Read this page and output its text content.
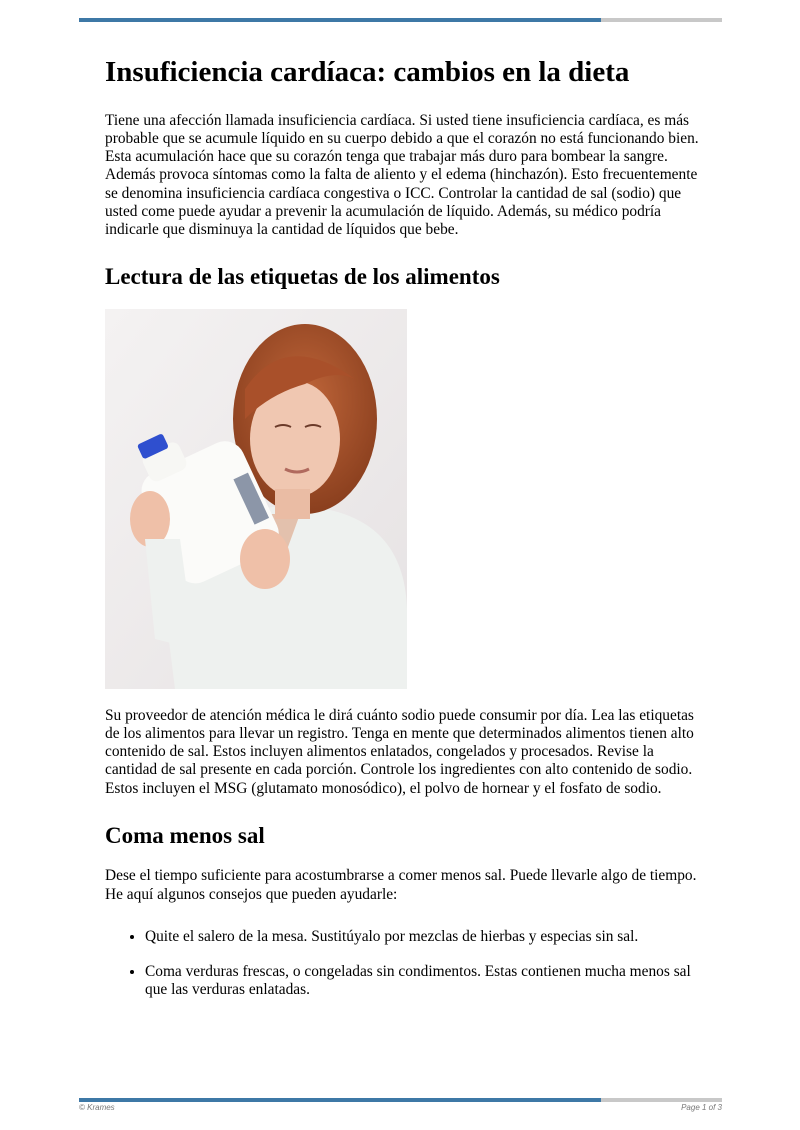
Insuficiencia cardíaca: cambios en la dieta

Tiene una afección llamada insuficiencia cardíaca. Si usted tiene insuficiencia cardíaca, es más probable que se acumule líquido en su cuerpo debido a que el corazón no está funcionando bien. Esta acumulación hace que su corazón tenga que trabajar más duro para bombear la sangre. Además provoca síntomas como la falta de aliento y el edema (hinchazón). Esto frecuentemente se denomina insuficiencia cardíaca congestiva o ICC. Controlar la cantidad de sal (sodio) que usted come puede ayudar a prevenir la acumulación de líquido. Además, su médico podría indicarle que disminuya la cantidad de líquidos que bebe.

Lectura de las etiquetas de los alimentos

Su proveedor de atención médica le dirá cuánto sodio puede consumir por día. Lea las etiquetas de los alimentos para llevar un registro. Tenga en mente que determinados alimentos tienen alto contenido de sal. Estos incluyen alimentos enlatados, congelados y procesados. Revise la cantidad de sal presente en cada porción. Controle los ingredientes con alto contenido de sodio. Estos incluyen el MSG (glutamato monosódico), el polvo de hornear y el fosfato de sodio.

Coma menos sal

Dese el tiempo suficiente para acostumbrarse a comer menos sal. Puede llevarle algo de tiempo. He aquí algunos consejos que pueden ayudarle:

• Quite el salero de la mesa. Sustitúyalo por mezclas de hierbas y especias sin sal.
• Coma verduras frescas, o congeladas sin condimentos. Estas contienen mucha menos sal que las verduras enlatadas.
© Krames	Page 1 of 3
